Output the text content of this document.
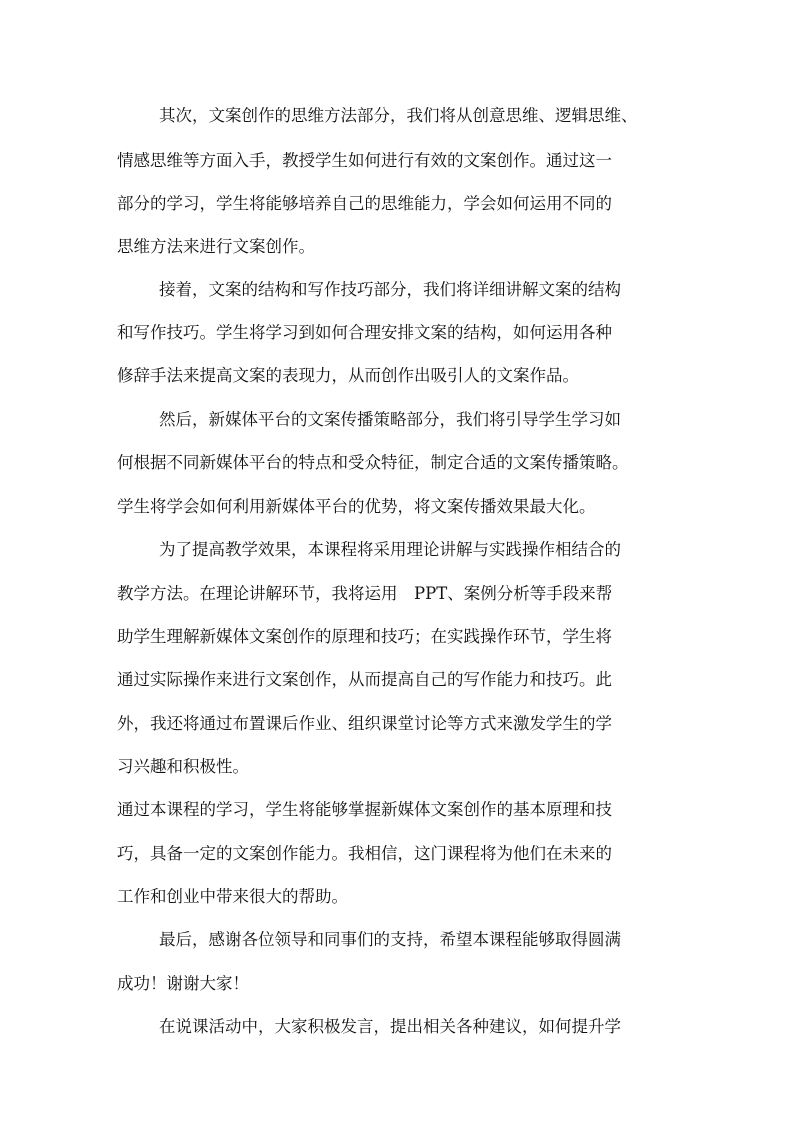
其次，文案创作的思维方法部分，我们将从创意思维、逻辑思维、
情感思维等方面入手，教授学生如何进行有效的文案创作。通过这一
部分的学习，学生将能够培养自己的思维能力，学会如何运用不同的
思维方法来进行文案创作。
接着，文案的结构和写作技巧部分，我们将详细讲解文案的结构
和写作技巧。学生将学习到如何合理安排文案的结构，如何运用各种
修辞手法来提高文案的表现力，从而创作出吸引人的文案作品。
然后，新媒体平台的文案传播策略部分，我们将引导学生学习如
何根据不同新媒体平台的特点和受众特征，制定合适的文案传播策略。
学生将学会如何利用新媒体平台的优势，将文案传播效果最大化。
为了提高教学效果，本课程将采用理论讲解与实践操作相结合的
教学方法。在理论讲解环节，我将运用　PPT、案例分析等手段来帮
助学生理解新媒体文案创作的原理和技巧；在实践操作环节，学生将
通过实际操作来进行文案创作，从而提高自己的写作能力和技巧。此
外，我还将通过布置课后作业、组织课堂讨论等方式来激发学生的学
习兴趣和积极性。
通过本课程的学习，学生将能够掌握新媒体文案创作的基本原理和技
巧，具备一定的文案创作能力。我相信，这门课程将为他们在未来的
工作和创业中带来很大的帮助。
最后，感谢各位领导和同事们的支持，希望本课程能够取得圆满
成功！谢谢大家！
在说课活动中，大家积极发言，提出相关各种建议，如何提升学
